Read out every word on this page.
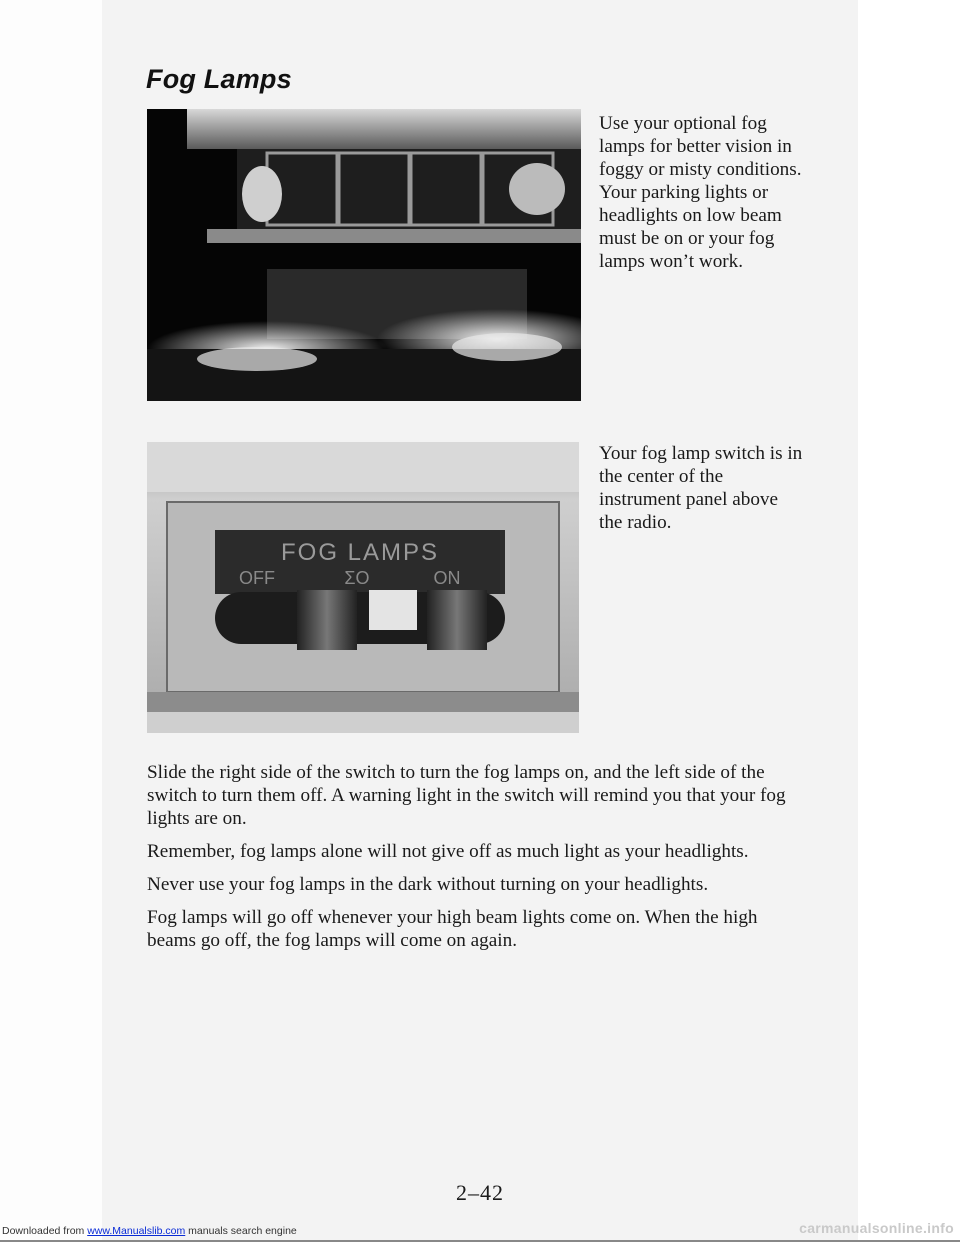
Fog Lamps
Use your optional fog lamps for better vision in foggy or misty conditions. Your parking lights or headlights on low beam must be on or your fog lamps won’t work.
FOG LAMPS
OFF	ƩO	ON
Your fog lamp switch is in the center of the instrument panel above the radio.

Slide the right side of the switch to turn the fog lamps on, and the left side of the switch to turn them off. A warning light in the switch will remind you that your fog lights are on.

Remember, fog lamps alone will not give off as much light as your headlights.

Never use your fog lamps in the dark without turning on your headlights.

Fog lamps will go off whenever your high beam lights come on. When the high beams go off, the fog lamps will come on again.

2–42
Downloaded from www.Manualslib.com manuals search engine	carmanualsonline.info
